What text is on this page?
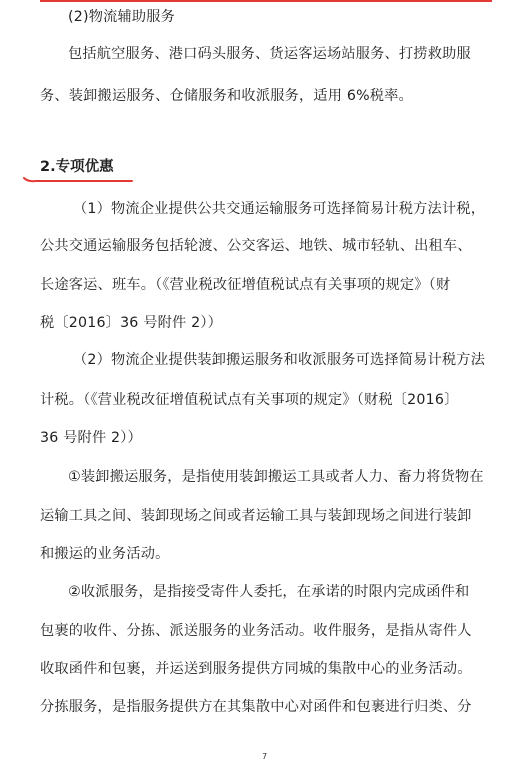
(2)物流辅助服务
包括航空服务、港口码头服务、货运客运场站服务、打捞救助服
务、装卸搬运服务、仓储服务和收派服务，适用 6%税率。
2.专项优惠
（1）物流企业提供公共交通运输服务可选择简易计税方法计税，
公共交通运输服务包括轮渡、公交客运、地铁、城市轻轨、出租车、
长途客运、班车。（《营业税改征增值税试点有关事项的规定》（财
税〔2016〕36 号附件 2））
（2）物流企业提供装卸搬运服务和收派服务可选择简易计税方法
计税。（《营业税改征增值税试点有关事项的规定》（财税〔2016〕
36 号附件 2））
①装卸搬运服务，是指使用装卸搬运工具或者人力、畜力将货物在
运输工具之间、装卸现场之间或者运输工具与装卸现场之间进行装卸
和搬运的业务活动。
②收派服务，是指接受寄件人委托，在承诺的时限内完成函件和
包裹的收件、分拣、派送服务的业务活动。收件服务，是指从寄件人
收取函件和包裹，并运送到服务提供方同城的集散中心的业务活动。
分拣服务，是指服务提供方在其集散中心对函件和包裹进行归类、分
7
